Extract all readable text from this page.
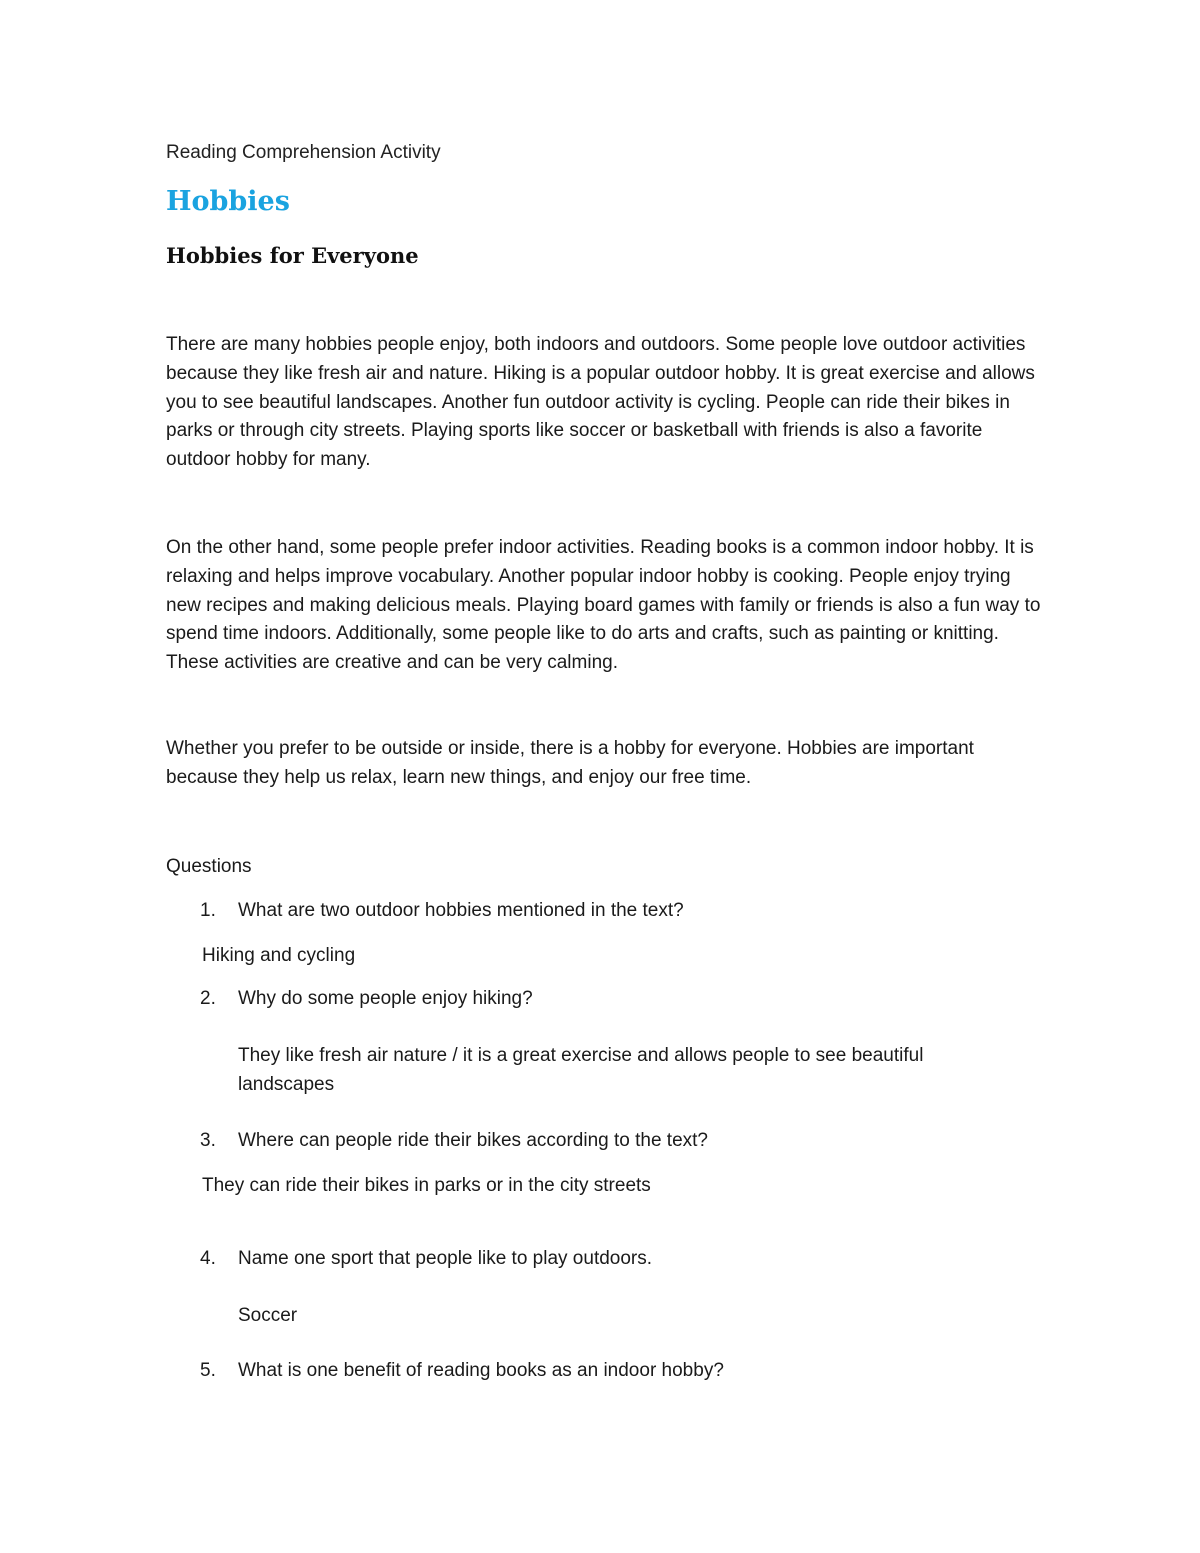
Reading Comprehension Activity

Hobbies
Hobbies for Everyone

There are many hobbies people enjoy, both indoors and outdoors. Some people love outdoor activities because they like fresh air and nature. Hiking is a popular outdoor hobby. It is great exercise and allows you to see beautiful landscapes. Another fun outdoor activity is cycling. People can ride their bikes in parks or through city streets. Playing sports like soccer or basketball with friends is also a favorite outdoor hobby for many.

On the other hand, some people prefer indoor activities. Reading books is a common indoor hobby. It is relaxing and helps improve vocabulary. Another popular indoor hobby is cooking. People enjoy trying new recipes and making delicious meals. Playing board games with family or friends is also a fun way to spend time indoors. Additionally, some people like to do arts and crafts, such as painting or knitting. These activities are creative and can be very calming.

Whether you prefer to be outside or inside, there is a hobby for everyone. Hobbies are important because they help us relax, learn new things, and enjoy our free time.

Questions

1.	What are two outdoor hobbies mentioned in the text?

Hiking and cycling

2.	Why do some people enjoy hiking?

They like fresh air nature / it is a great exercise and allows people to see beautiful landscapes

3.	Where can people ride their bikes according to the text?

They can ride their bikes in parks or in the city streets

4.	Name one sport that people like to play outdoors.

Soccer

5.	What is one benefit of reading books as an indoor hobby?
